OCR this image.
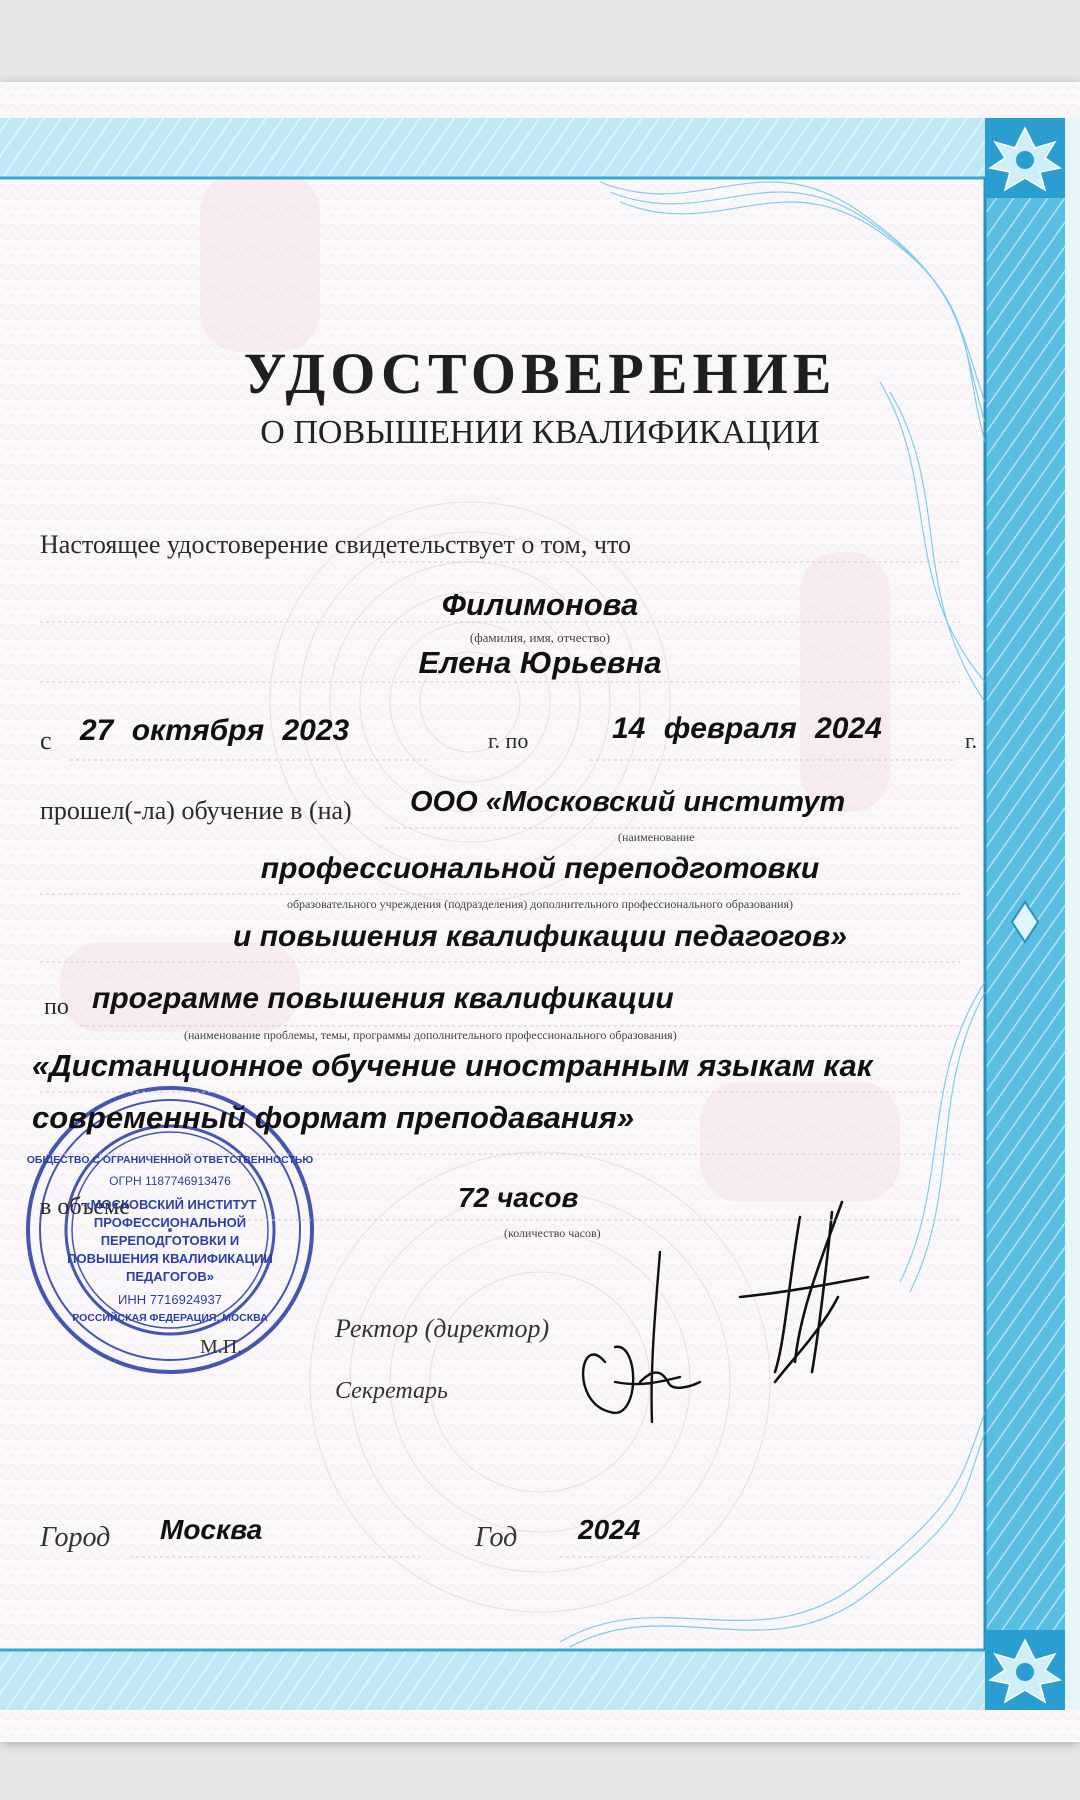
УДОСТОВЕРЕНИЕ
О ПОВЫШЕНИИ КВАЛИФИКАЦИИ
Настоящее удостоверение свидетельствует о том, что
Филимонова
(фамилия, имя, отчество)
Елена Юрьевна
с 27 октября 2023	г. по	14 февраля 2024	г.
прошел(-ла) обучение в (на) ООО «Московский институт
(наименование
профессиональной переподготовки
образовательного учреждения (подразделения) дополнительного профессионального образования)
и повышения квалификации педагогов»
по программе повышения квалификации
(наименование проблемы, темы, программы дополнительного профессионального образования)
«Дистанционное обучение иностранным языкам как
современный формат преподавания»
в объеме	72 часов
(количество часов)
ОБЩЕСТВО С ОГРАНИЧЕННОЙ ОТВЕТСТВЕННОСТЬЮ
ОГРН 1187746913476
«МОСКОВСКИЙ ИНСТИТУТ
ПРОФЕССИОНАЛЬНОЙ
ПЕРЕПОДГОТОВКИ И
ПОВЫШЕНИЯ КВАЛИФИКАЦИИ
ПЕДАГОГОВ»
ИНН 7716924937
РОССИЙСКАЯ ФЕДЕРАЦИЯ, МОСКВА	Ректор (директор)
М.П.
Секретарь
Город Москва	Год 2024
